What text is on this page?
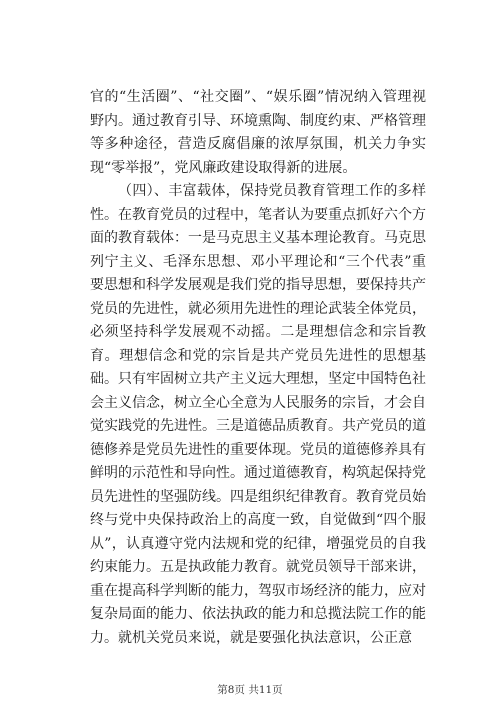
官的“生活圈”、“社交圈”、“娱乐圈”情况纳入管理视野内。通过教育引导、环境熏陶、制度约束、严格管理等多种途径，营造反腐倡廉的浓厚氛围，机关力争实现“零举报”，党风廉政建设取得新的进展。

（四）、丰富载体，保持党员教育管理工作的多样性。在教育党员的过程中，笔者认为要重点抓好六个方面的教育载体：一是马克思主义基本理论教育。马克思列宁主义、毛泽东思想、邓小平理论和“三个代表”重要思想和科学发展观是我们党的指导思想，要保持共产党员的先进性，就必须用先进性的理论武装全体党员，必须坚持科学发展观不动摇。二是理想信念和宗旨教育。理想信念和党的宗旨是共产党员先进性的思想基础。只有牢固树立共产主义远大理想，坚定中国特色社会主义信念，树立全心全意为人民服务的宗旨，才会自觉实践党的先进性。三是道德品质教育。共产党员的道德修养是党员先进性的重要体现。党员的道德修养具有鲜明的示范性和导向性。通过道德教育，构筑起保持党员先进性的坚强防线。四是组织纪律教育。教育党员始终与党中央保持政治上的高度一致，自觉做到“四个服从”，认真遵守党内法规和党的纪律，增强党员的自我约束能力。五是执政能力教育。就党员领导干部来讲，重在提高科学判断的能力，驾驭市场经济的能力，应对复杂局面的能力、依法执政的能力和总揽法院工作的能力。就机关党员来说，就是要强化执法意识，公正意

第8页 共11页
